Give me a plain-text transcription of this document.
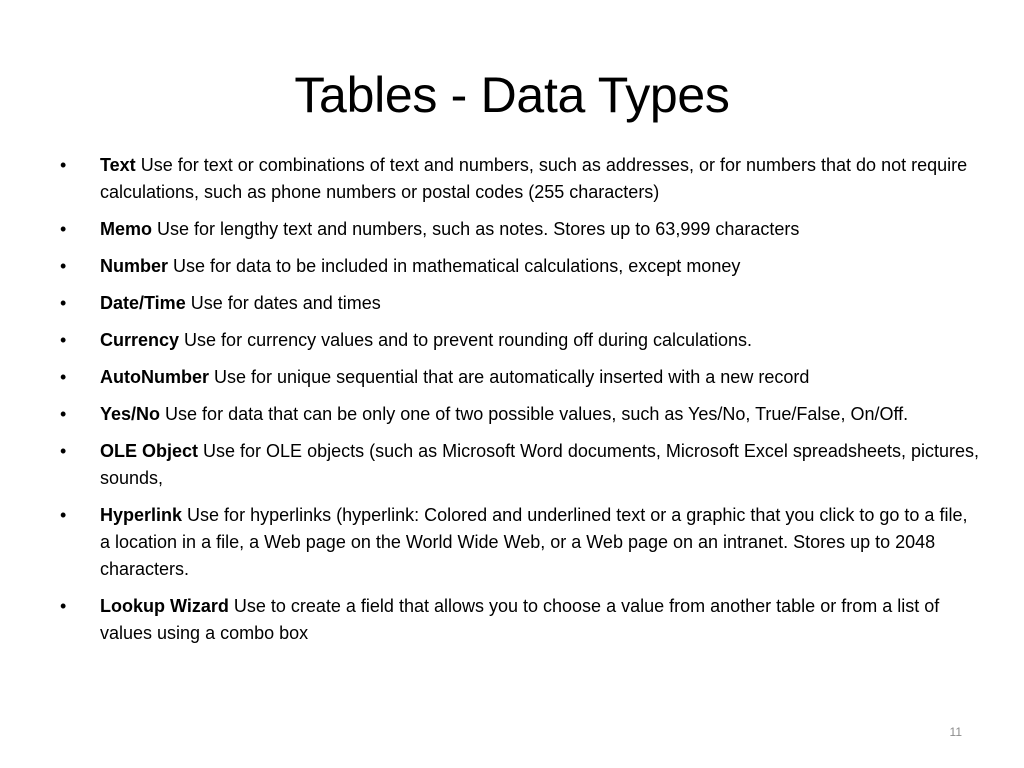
Tables - Data Types
•	Text Use for text or combinations of text and numbers, such as addresses, or for numbers that do not require calculations, such as phone numbers or postal codes (255 characters)
•	Memo Use for lengthy text and numbers, such as notes. Stores up to 63,999 characters
•	Number Use for data to be included in mathematical calculations, except money
•	Date/Time Use for dates and times
•	Currency Use for currency values and to prevent rounding off during calculations.
•	AutoNumber Use for unique sequential that are automatically inserted with a new record
•	Yes/No Use for data that can be only one of two possible values, such as Yes/No, True/False, On/Off.
•	OLE Object Use for OLE objects (such as Microsoft Word documents, Microsoft Excel spreadsheets, pictures, sounds,
•	Hyperlink Use for hyperlinks (hyperlink: Colored and underlined text or a graphic that you click to go to a file, a location in a file, a Web page on the World Wide Web, or a Web page on an intranet. Stores up to 2048 characters.
•	Lookup Wizard Use to create a field that allows you to choose a value from another table or from a list of values using a combo box
11
